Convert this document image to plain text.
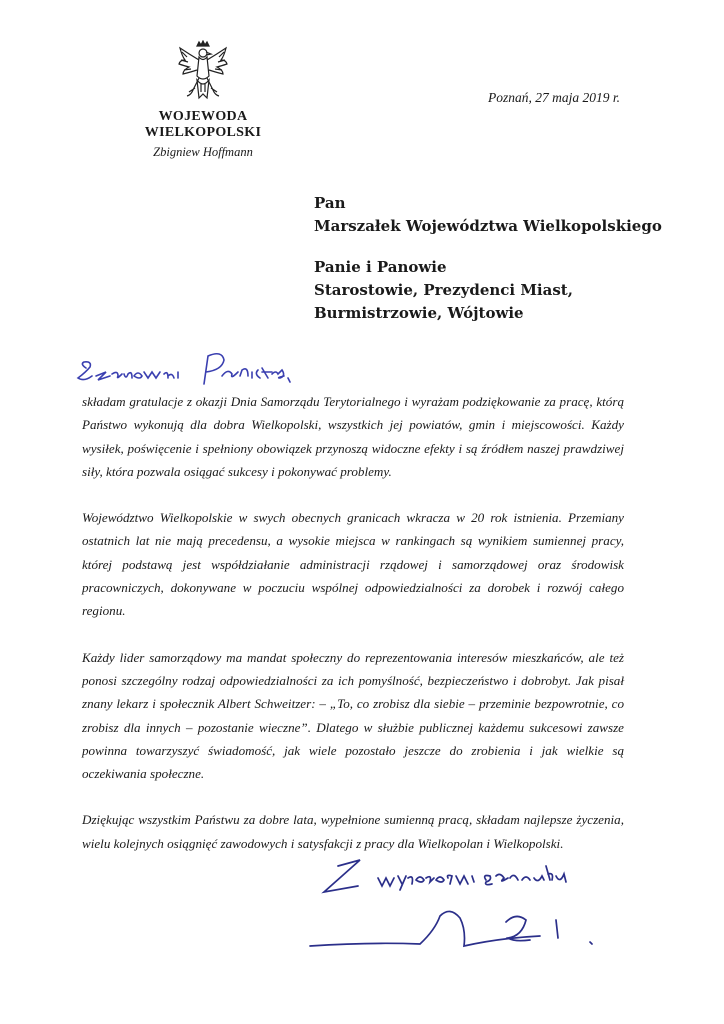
WOJEWODA WIELKOPOLSKI
Zbigniew Hoffmann
Poznań, 27 maja 2019 r.
Pan
Marszałek Województwa Wielkopolskiego
Panie i Panowie
Starostowie, Prezydenci Miast,
Burmistrzowie, Wójtowie

składam gratulacje z okazji Dnia Samorządu Terytorialnego i wyrażam podziękowanie za pracę, którą Państwo wykonują dla dobra Wielkopolski, wszystkich jej powiatów, gmin i miejscowości. Każdy wysiłek, poświęcenie i spełniony obowiązek przynoszą widoczne efekty i są źródłem naszej prawdziwej siły, która pozwala osiągać sukcesy i pokonywać problemy.

Województwo Wielkopolskie w swych obecnych granicach wkracza w 20 rok istnienia. Przemiany ostatnich lat nie mają precedensu, a wysokie miejsca w rankingach są wynikiem sumiennej pracy, której podstawą jest współdziałanie administracji rządowej i samorządowej oraz środowisk pracowniczych, dokonywane w poczuciu wspólnej odpowiedzialności za dorobek i rozwój całego regionu.

Każdy lider samorządowy ma mandat społeczny do reprezentowania interesów mieszkańców, ale też ponosi szczególny rodzaj odpowiedzialności za ich pomyślność, bezpieczeństwo i dobrobyt. Jak pisał znany lekarz i społecznik Albert Schweitzer: – „To, co zrobisz dla siebie – przeminie bezpowrotnie, co zrobisz dla innych – pozostanie wieczne”. Dlatego w służbie publicznej każdemu sukcesowi zawsze powinna towarzyszyć świadomość, jak wiele pozostało jeszcze do zrobienia i jak wielkie są oczekiwania społeczne.

Dziękując wszystkim Państwu za dobre lata, wypełnione sumienną pracą, składam najlepsze życzenia, wielu kolejnych osiągnięć zawodowych i satysfakcji z pracy dla Wielkopolan i Wielkopolski.
